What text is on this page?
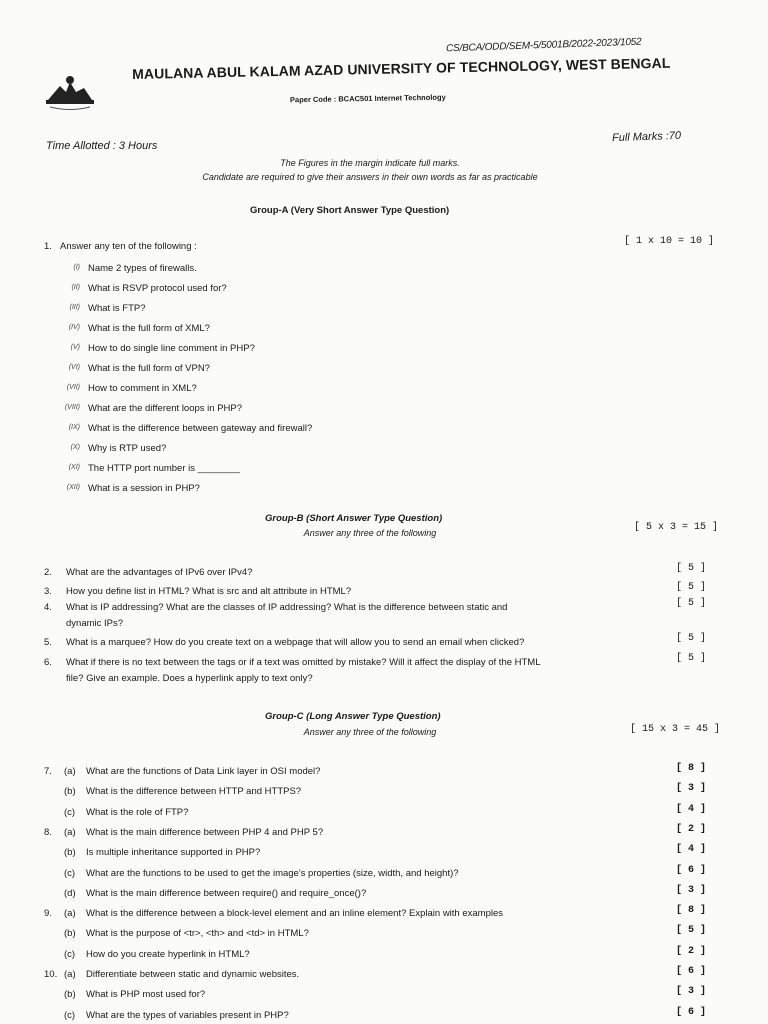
CS/BCA/ODD/SEM-5/5001B/2022-2023/1052
MAULANA ABUL KALAM AZAD UNIVERSITY OF TECHNOLOGY, WEST BENGAL
Paper Code : BCAC501 Internet Technology
Time Allotted : 3 Hours
Full Marks :70
The Figures in the margin indicate full marks.
Candidate are required to give their answers in their own words as far as practicable
Group-A (Very Short Answer Type Question)
1. Answer any ten of the following :	[ 1 x 10 = 10 ]
(I) Name 2 types of firewalls.
(II) What is RSVP protocol used for?
(III) What is FTP?
(IV) What is the full form of XML?
(V) How to do single line comment in PHP?
(VI) What is the full form of VPN?
(VII) How to comment in XML?
(VIII) What are the different loops in PHP?
(IX) What is the difference between gateway and firewall?
(X) Why is RTP used?
(XI) The HTTP port number is ________
(XII) What is a session in PHP?
Group-B (Short Answer Type Question)
Answer any three of the following	[ 5 x 3 = 15 ]
2. What are the advantages of IPv6 over IPv4?	[ 5 ]
3. How you define list in HTML? What is src and alt attribute in HTML?	[ 5 ]
4. What is IP addressing? What are the classes of IP addressing? What is the difference between static and
dynamic IPs?
[ 5 ]
5. What is a marquee? How do you create text on a webpage that will allow you to send an email when clicked?	[ 5 ]
6. What if there is no text between the tags or if a text was omitted by mistake? Will it affect the display of the HTML
file? Give an example. Does a hyperlink apply to text only?
[ 5 ]
Group-C (Long Answer Type Question)
Answer any three of the following	[ 15 x 3 = 45 ]
7. (a) What are the functions of Data Link layer in OSI model?	[ 8 ]
(b) What is the difference between HTTP and HTTPS?	[ 3 ]
(c) What is the role of FTP?	[ 4 ]
8. (a) What is the main difference between PHP 4 and PHP 5?	[ 2 ]
(b) Is multiple inheritance supported in PHP?	[ 4 ]
(c) What are the functions to be used to get the image's properties (size, width, and height)?	[ 6 ]
(d) What is the main difference between require() and require_once()?	[ 3 ]
9. (a) What is the difference between a block-level element and an inline element? Explain with examples	[ 8 ]
(b) What is the purpose of <tr>, <th> and <td> in HTML?	[ 5 ]
(c) How do you create hyperlink in HTML?	[ 2 ]
10. (a) Differentiate between static and dynamic websites.	[ 6 ]
(b) What is PHP most used for?	[ 3 ]
(c) What are the types of variables present in PHP?	[ 6 ]
